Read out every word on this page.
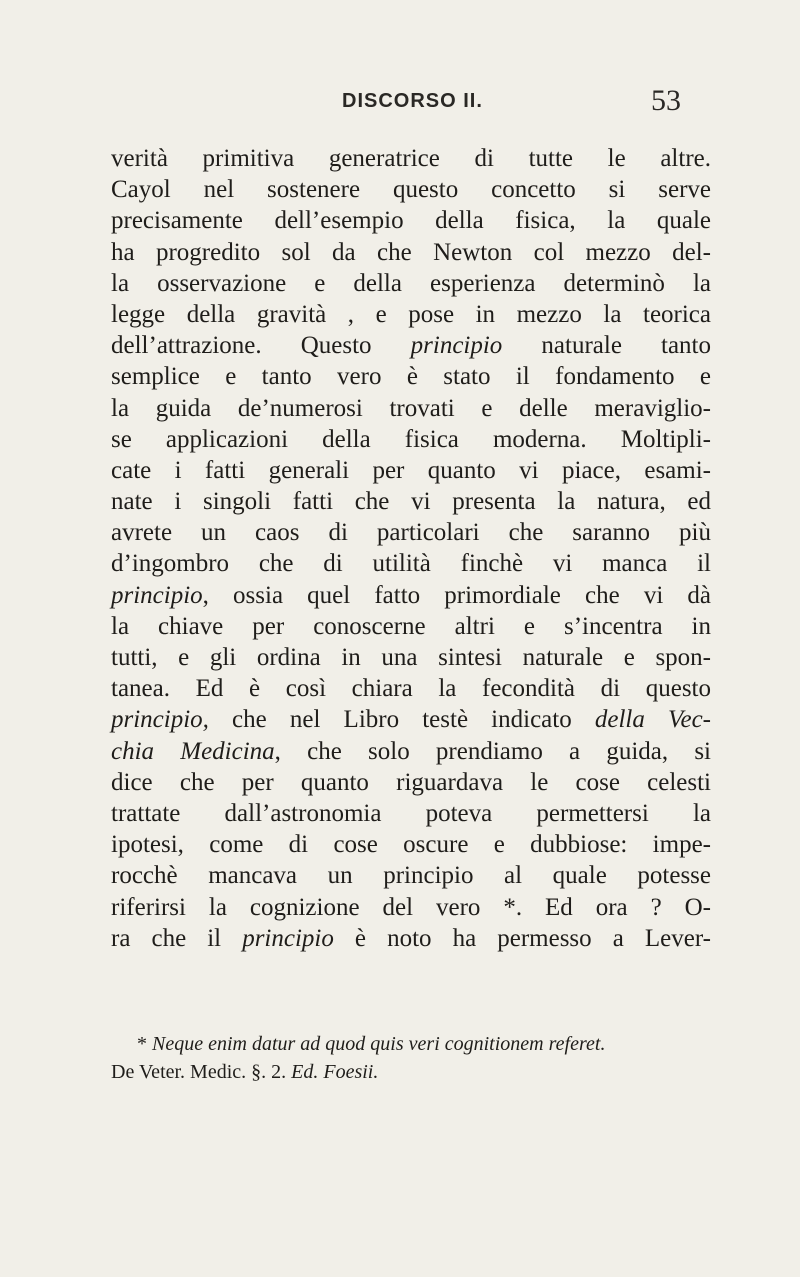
DISCORSO II.	53
verità primitiva generatrice di tutte le altre.
Cayol nel sostenere questo concetto si serve
precisamente dell’esempio della fisica, la quale
ha progredito sol da che Newton col mezzo del-
la osservazione e della esperienza determinò la
legge della gravità , e pose in mezzo la teorica
dell’attrazione. Questo principio naturale tanto
semplice e tanto vero è stato il fondamento e
la guida de’numerosi trovati e delle meraviglio-
se applicazioni della fisica moderna. Moltipli-
cate i fatti generali per quanto vi piace, esami-
nate i singoli fatti che vi presenta la natura, ed
avrete un caos di particolari che saranno più
d’ingombro che di utilità finchè vi manca il
principio, ossia quel fatto primordiale che vi dà
la chiave per conoscerne altri e s’incentra in
tutti, e gli ordina in una sintesi naturale e spon-
tanea. Ed è così chiara la fecondità di questo
principio, che nel Libro testè indicato della Vec-
chia Medicina, che solo prendiamo a guida, si
dice che per quanto riguardava le cose celesti
trattate dall’astronomia poteva permettersi la
ipotesi, come di cose oscure e dubbiose: impe-
rocchè mancava un principio al quale potesse
riferirsi la cognizione del vero *. Ed ora ? O-
ra che il principio è noto ha permesso a Lever-
* Neque enim datur ad quod quis veri cognitionem referet.
De Veter. Medic. §. 2. Ed. Foesii.
